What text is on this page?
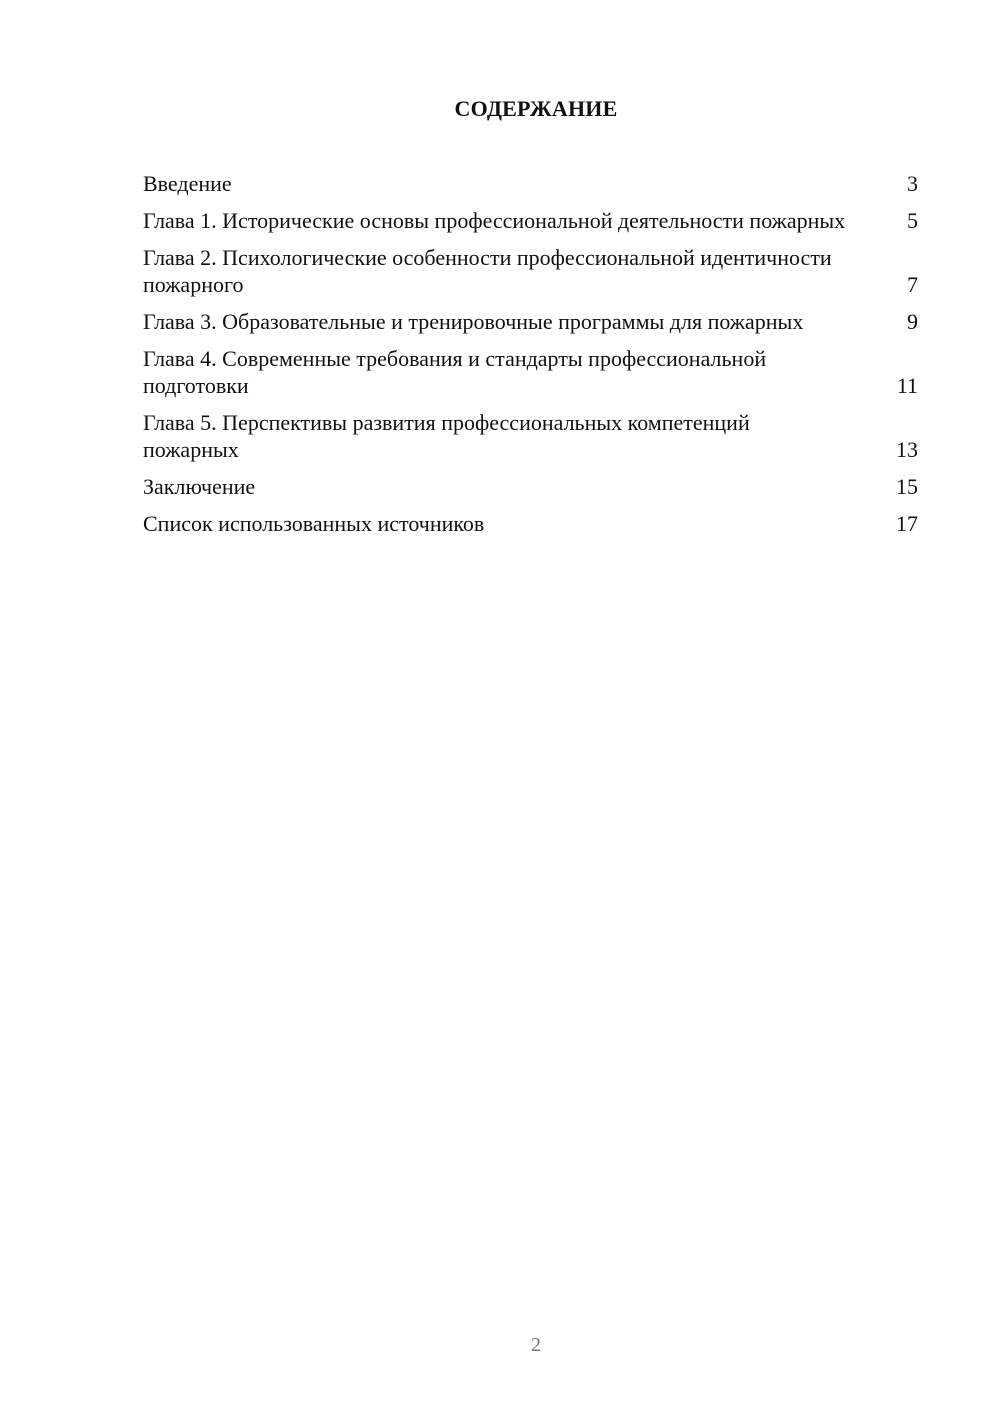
СОДЕРЖАНИЕ
Введение	3
Глава 1. Исторические основы профессиональной деятельности пожарных	5
Глава 2. Психологические особенности профессиональной идентичности пожарного	7
Глава 3. Образовательные и тренировочные программы для пожарных	9
Глава 4. Современные требования и стандарты профессиональной подготовки	11
Глава 5. Перспективы развития профессиональных компетенций пожарных	13
Заключение	15
Список использованных источников	17
2
